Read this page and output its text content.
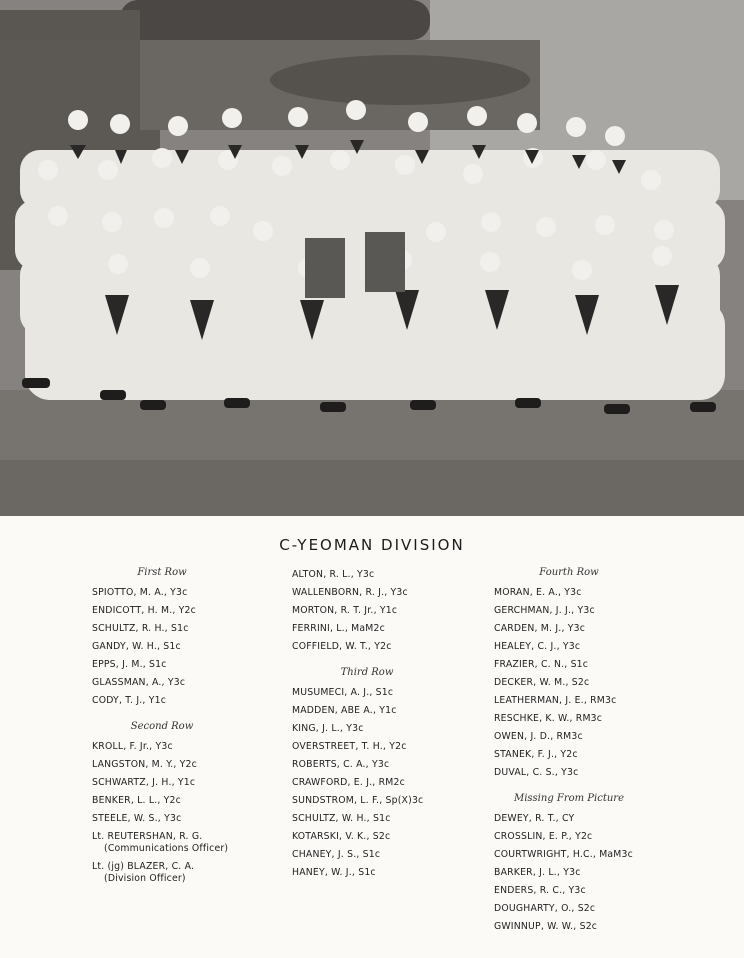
C-YEOMAN DIVISION
First Row
SPIOTTO, M. A., Y3c
ENDICOTT, H. M., Y2c
SCHULTZ, R. H., S1c
GANDY, W. H., S1c
EPPS, J. M., S1c
GLASSMAN, A., Y3c
CODY, T. J., Y1c
Second Row
KROLL, F. Jr., Y3c
LANGSTON, M. Y., Y2c
SCHWARTZ, J. H., Y1c
BENKER, L. L., Y2c
STEELE, W. S., Y3c
Lt. REUTERSHAN, R. G.
(Communications Officer)
Lt. (jg) BLAZER, C. A.
(Division Officer)
ALTON, R. L., Y3c
WALLENBORN, R. J., Y3c
MORTON, R. T. Jr., Y1c
FERRINI, L., MaM2c
COFFIELD, W. T., Y2c
Third Row
MUSUMECI, A. J., S1c
MADDEN, ABE A., Y1c
KING, J. L., Y3c
OVERSTREET, T. H., Y2c
ROBERTS, C. A., Y3c
CRAWFORD, E. J., RM2c
SUNDSTROM, L. F., Sp(X)3c
SCHULTZ, W. H., S1c
KOTARSKI, V. K., S2c
CHANEY, J. S., S1c
HANEY, W. J., S1c
Fourth Row
MORAN, E. A., Y3c
GERCHMAN, J. J., Y3c
CARDEN, M. J., Y3c
HEALEY, C. J., Y3c
FRAZIER, C. N., S1c
DECKER, W. M., S2c
LEATHERMAN, J. E., RM3c
RESCHKE, K. W., RM3c
OWEN, J. D., RM3c
STANEK, F. J., Y2c
DUVAL, C. S., Y3c
Missing From Picture
DEWEY, R. T., CY
CROSSLIN, E. P., Y2c
COURTWRIGHT, H.C., MaM3c
BARKER, J. L., Y3c
ENDERS, R. C., Y3c
DOUGHARTY, O., S2c
GWINNUP, W. W., S2c
